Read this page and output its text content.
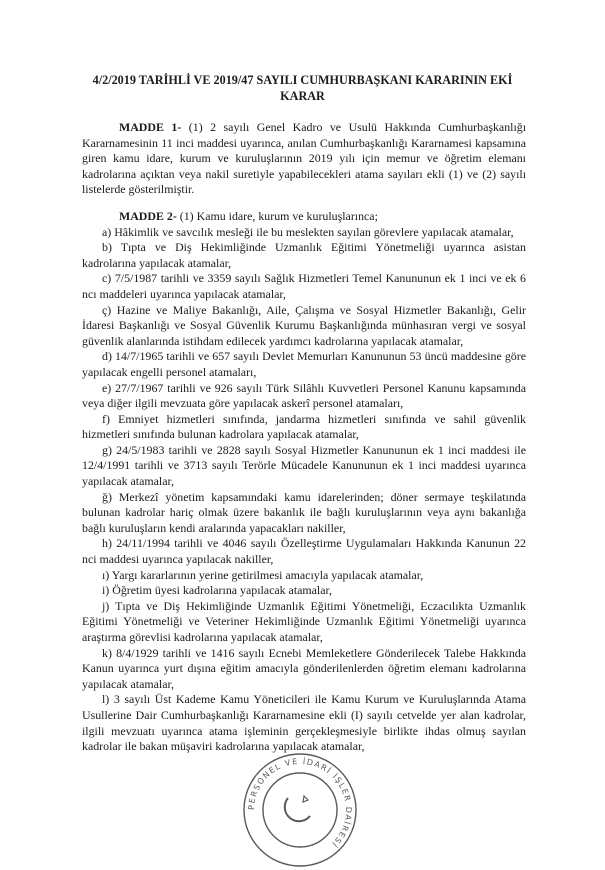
4/2/2019 TARİHLİ VE 2019/47 SAYILI CUMHURBAŞKANI KARARININ EKİ KARAR

MADDE 1- (1) 2 sayılı Genel Kadro ve Usulü Hakkında Cumhurbaşkanlığı Kararnamesinin 11 inci maddesi uyarınca, anılan Cumhurbaşkanlığı Kararnamesi kapsamına giren kamu idare, kurum ve kuruluşlarının 2019 yılı için memur ve öğretim elemanı kadrolarına açıktan veya nakil suretiyle yapabilecekleri atama sayıları ekli (1) ve (2) sayılı listelerde gösterilmiştir.

MADDE 2- (1) Kamu idare, kurum ve kuruluşlarınca;

a) Hâkimlik ve savcılık mesleği ile bu meslekten sayılan görevlere yapılacak atamalar,

b) Tıpta ve Diş Hekimliğinde Uzmanlık Eğitimi Yönetmeliği uyarınca asistan kadrolarına yapılacak atamalar,

c) 7/5/1987 tarihli ve 3359 sayılı Sağlık Hizmetleri Temel Kanununun ek 1 inci ve ek 6 ncı maddeleri uyarınca yapılacak atamalar,

ç) Hazine ve Maliye Bakanlığı, Aile, Çalışma ve Sosyal Hizmetler Bakanlığı, Gelir İdaresi Başkanlığı ve Sosyal Güvenlik Kurumu Başkanlığında münhasıran vergi ve sosyal güvenlik alanlarında istihdam edilecek yardımcı kadrolarına yapılacak atamalar,

d) 14/7/1965 tarihli ve 657 sayılı Devlet Memurları Kanununun 53 üncü maddesine göre yapılacak engelli personel atamaları,

e) 27/7/1967 tarihli ve 926 sayılı Türk Silâhlı Kuvvetleri Personel Kanunu kapsamında veya diğer ilgili mevzuata göre yapılacak askerî personel atamaları,

f) Emniyet hizmetleri sınıfında, jandarma hizmetleri sınıfında ve sahil güvenlik hizmetleri sınıfında bulunan kadrolara yapılacak atamalar,

g) 24/5/1983 tarihli ve 2828 sayılı Sosyal Hizmetler Kanununun ek 1 inci maddesi ile 12/4/1991 tarihli ve 3713 sayılı Terörle Mücadele Kanununun ek 1 inci maddesi uyarınca yapılacak atamalar,

ğ) Merkezî yönetim kapsamındaki kamu idarelerinden; döner sermaye teşkilatında bulunan kadrolar hariç olmak üzere bakanlık ile bağlı kuruluşlarının veya aynı bakanlığa bağlı kuruluşların kendi aralarında yapacakları nakiller,

h) 24/11/1994 tarihli ve 4046 sayılı Özelleştirme Uygulamaları Hakkında Kanunun 22 nci maddesi uyarınca yapılacak nakiller,

ı) Yargı kararlarının yerine getirilmesi amacıyla yapılacak atamalar,

i) Öğretim üyesi kadrolarına yapılacak atamalar,

j) Tıpta ve Diş Hekimliğinde Uzmanlık Eğitimi Yönetmeliği, Eczacılıkta Uzmanlık Eğitimi Yönetmeliği ve Veteriner Hekimliğinde Uzmanlık Eğitimi Yönetmeliği uyarınca araştırma görevlisi kadrolarına yapılacak atamalar,

k) 8/4/1929 tarihli ve 1416 sayılı Ecnebi Memleketlere Gönderilecek Talebe Hakkında Kanun uyarınca yurt dışına eğitim amacıyla gönderilenlerden öğretim elemanı kadrolarına yapılacak atamalar,

l) 3 sayılı Üst Kademe Kamu Yöneticileri ile Kamu Kurum ve Kuruluşlarında Atama Usullerine Dair Cumhurbaşkanlığı Kararnamesine ekli (I) sayılı cetvelde yer alan kadrolar, ilgili mevzuatı uyarınca atama işleminin gerçekleşmesiyle birlikte ihdas olmuş sayılan kadrolar ile bakan müşaviri kadrolarına yapılacak atamalar,

PERSONEL VE İDARİ İŞLER DAİRESİ
